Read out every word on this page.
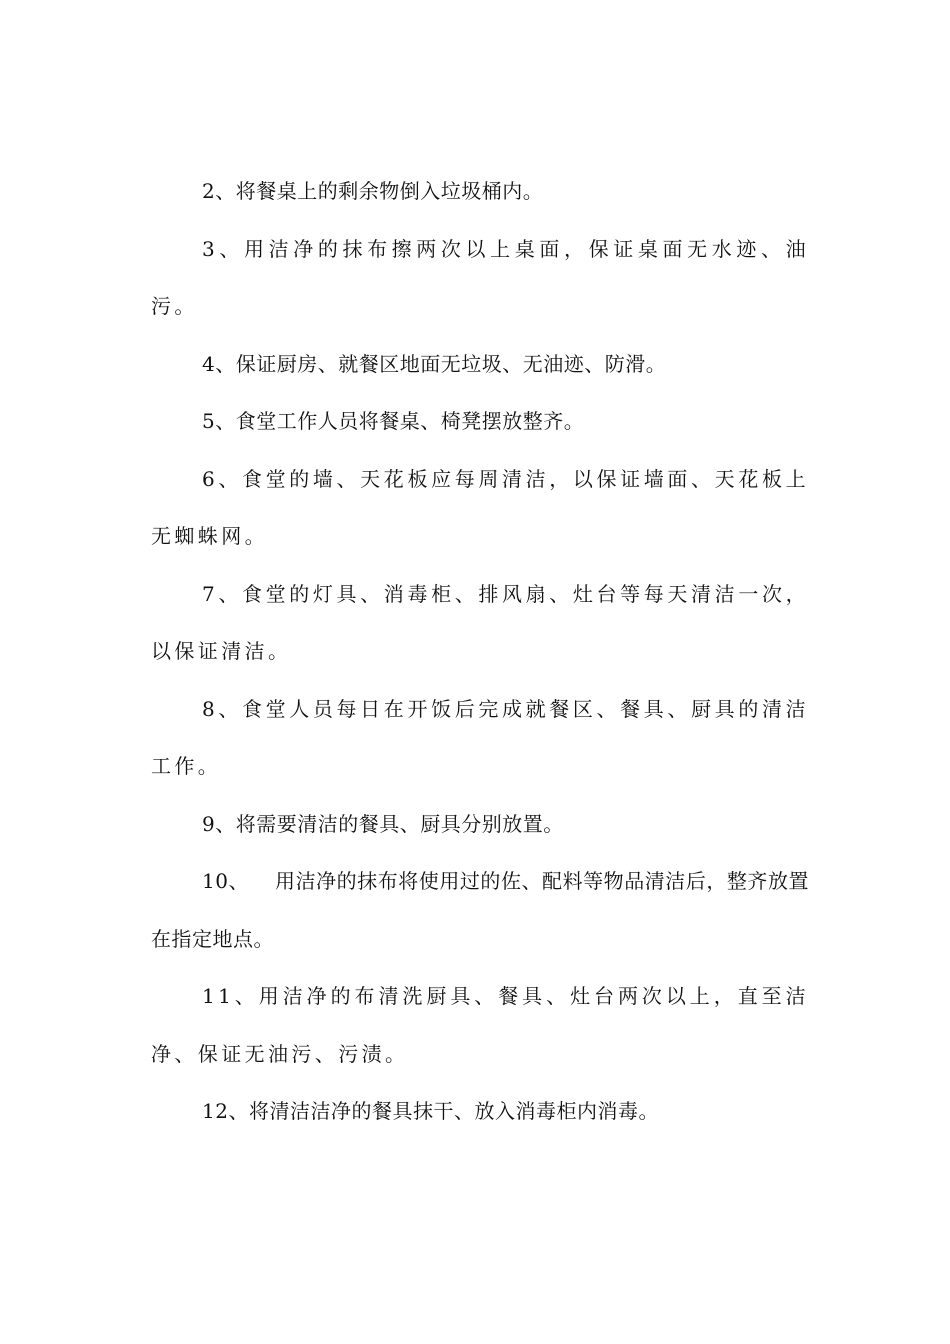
2、将餐桌上的剩余物倒入垃圾桶内。

3、用洁净的抹布擦两次以上桌面，保证桌面无水迹、油污。

4、保证厨房、就餐区地面无垃圾、无油迹、防滑。

5、食堂工作人员将餐桌、椅凳摆放整齐。

6、食堂的墙、天花板应每周清洁，以保证墙面、天花板上无蜘蛛网。

7、食堂的灯具、消毒柜、排风扇、灶台等每天清洁一次，以保证清洁。

8、食堂人员每日在开饭后完成就餐区、餐具、厨具的清洁工作。

9、将需要清洁的餐具、厨具分别放置。

10、 用洁净的抹布将使用过的佐、配料等物品清洁后，整齐放置在指定地点。

11、用洁净的布清洗厨具、餐具、灶台两次以上，直至洁净、保证无油污、污渍。

12、将清洁洁净的餐具抹干、放入消毒柜内消毒。
